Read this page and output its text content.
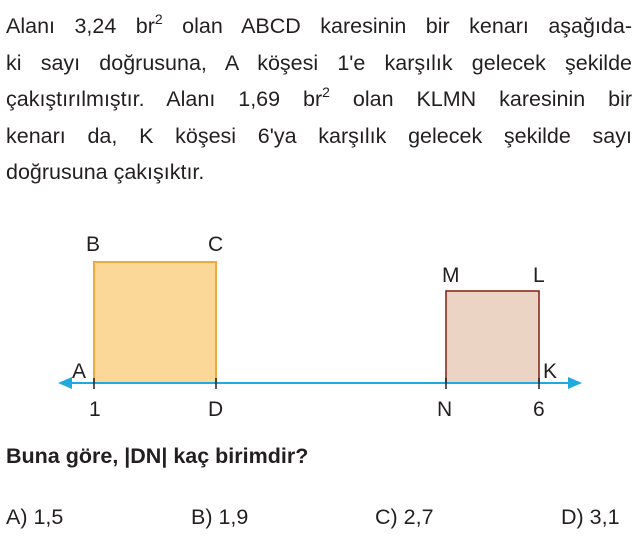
Alanı 3,24 $br^2$ olan ABCD karesinin bir kenarı aşağıda-
ki sayı doğrusuna, A köşesi 1'e karşılık gelecek şekilde
çakıştırılmıştır. Alanı 1,69 $br^2$ olan KLMN karesinin bir
kenarı da, K köşesi 6'ya karşılık gelecek şekilde sayı
doğrusuna çakışıktır.
B	C
A
D
M	L
N
K
1	6

Buna göre, |DN| kaç birimdir?

A) 1,5	B) 1,9	C) 2,7	D) 3,1
